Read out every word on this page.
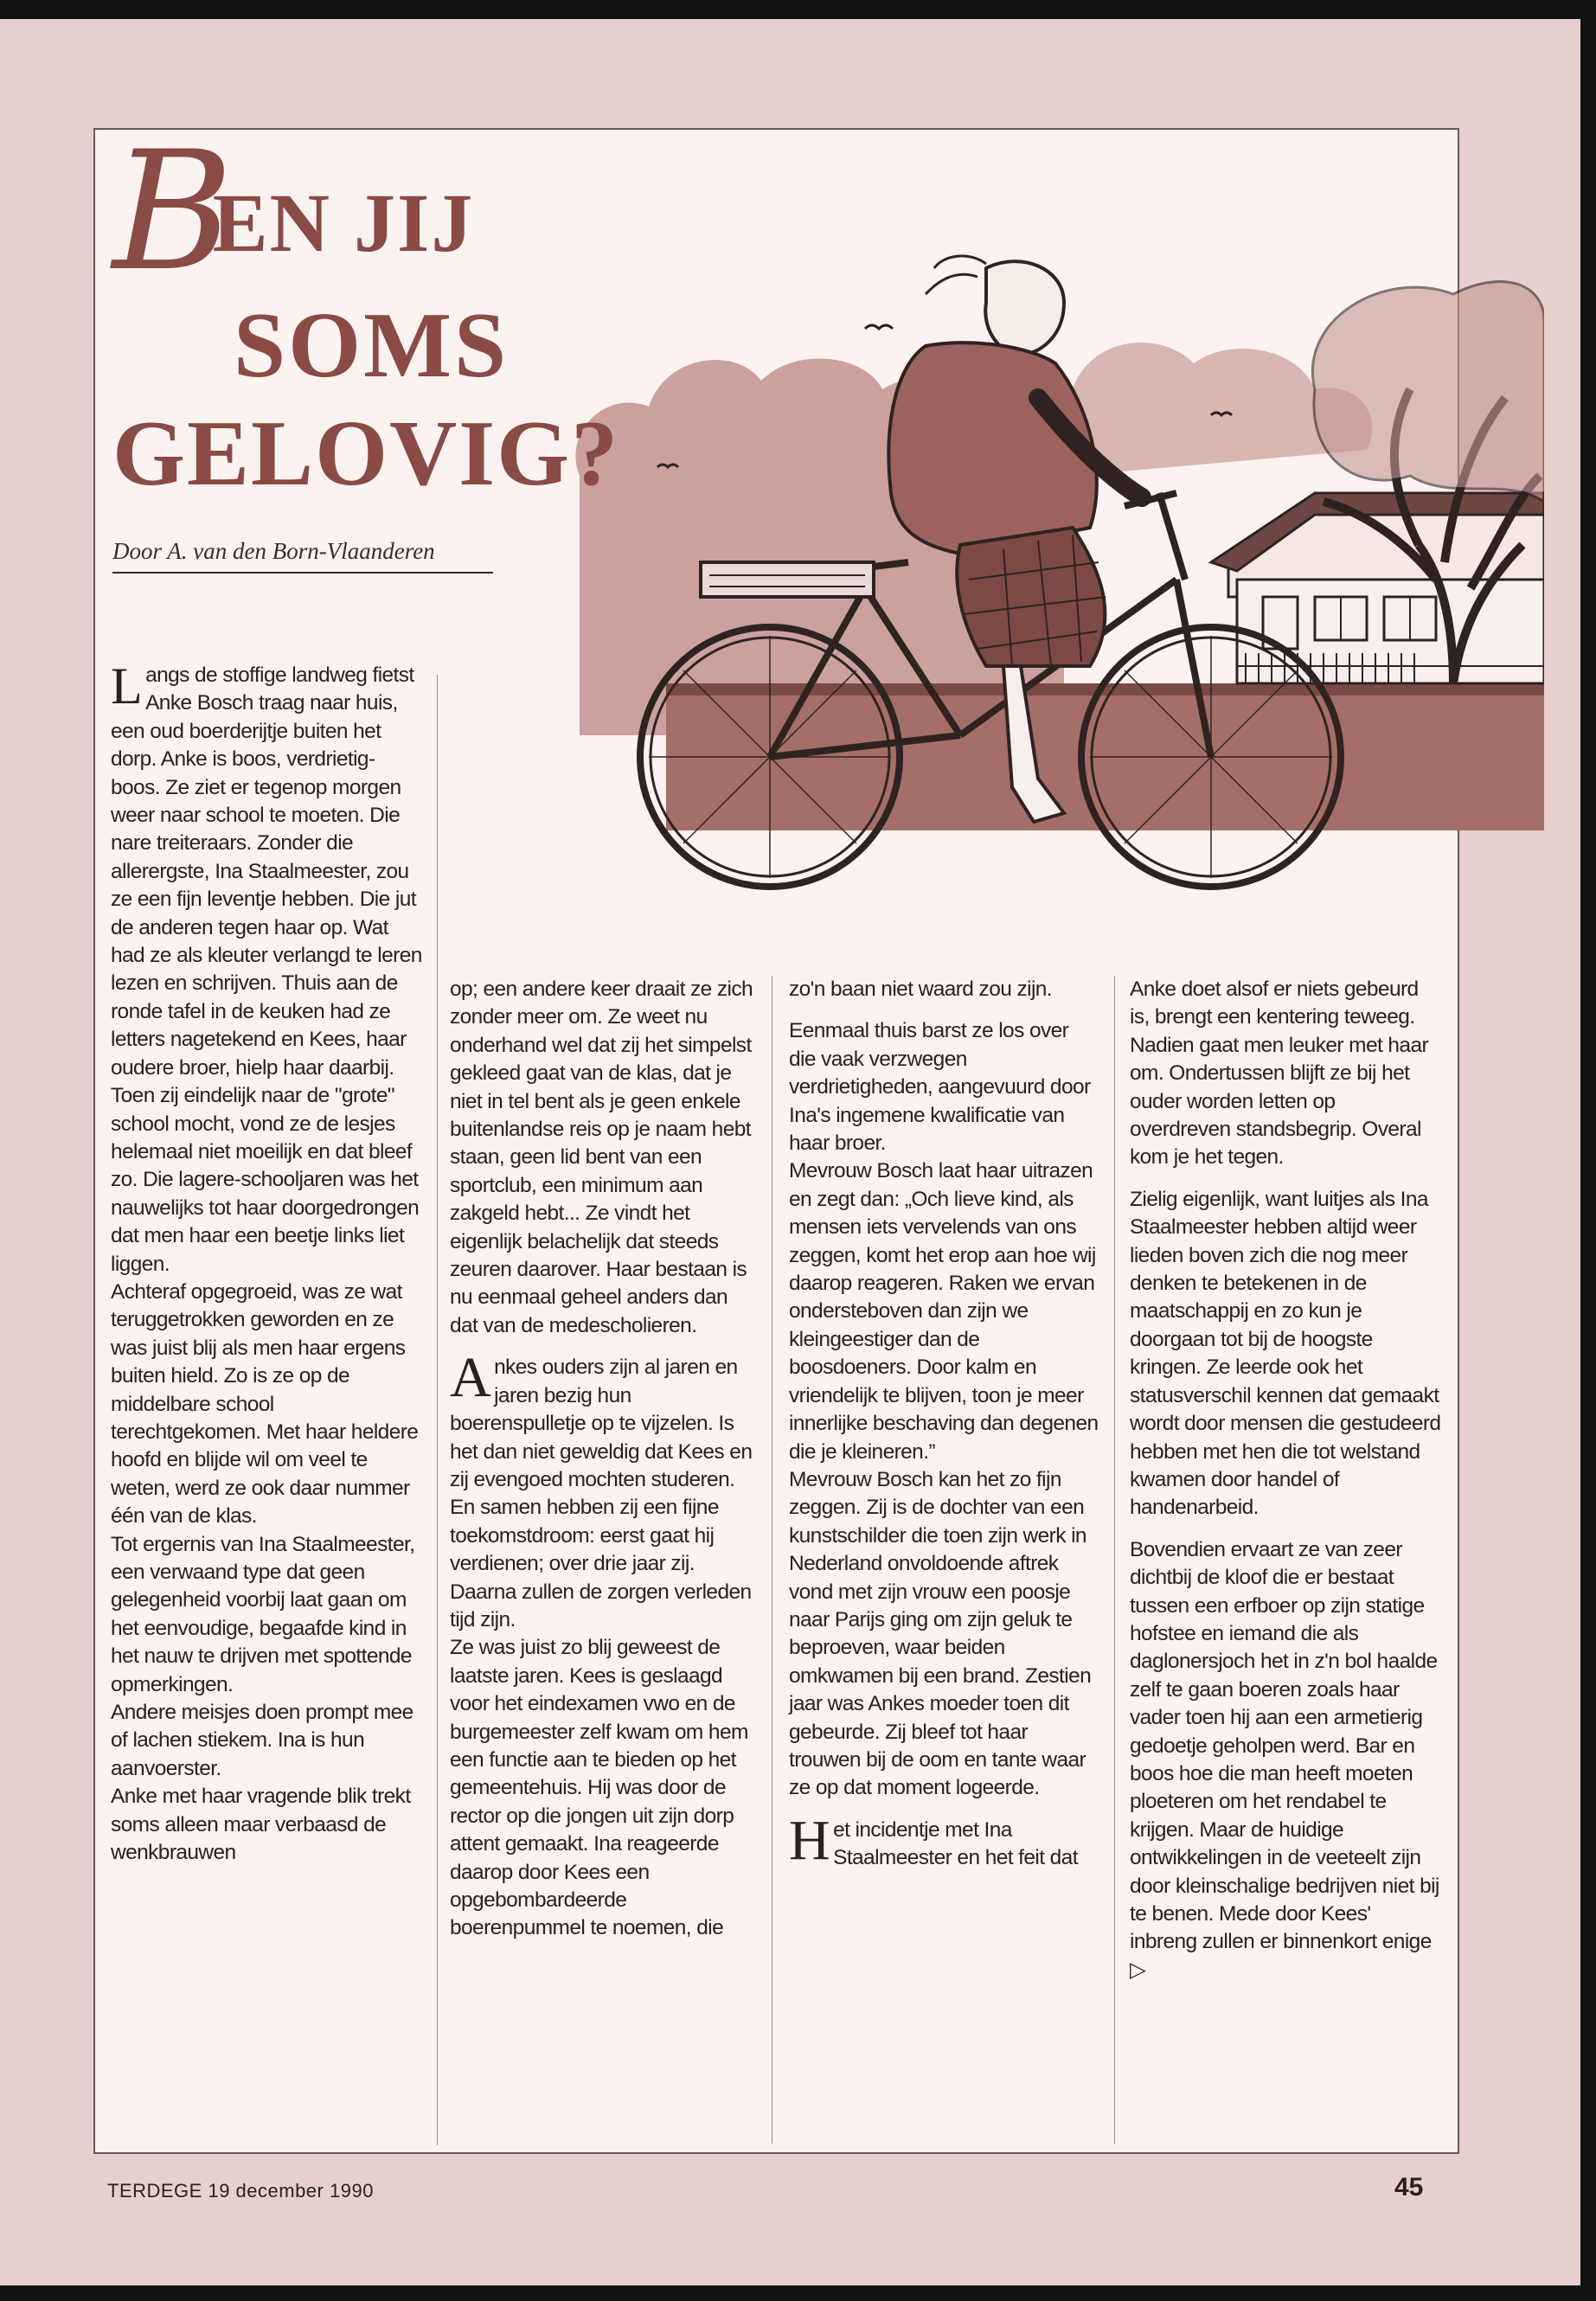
BEN JIJ
SOMS
GELOVIG?
Door A. van den Born-Vlaanderen

Langs de stoffige landweg fietst Anke Bosch traag naar huis, een oud boerderijtje buiten het dorp. Anke is boos, verdrietig-boos. Ze ziet er tegenop morgen weer naar school te moeten. Die nare treiteraars. Zonder die allerergste, Ina Staalmeester, zou ze een fijn leventje hebben. Die jut de anderen tegen haar op. Wat had ze als kleuter verlangd te leren lezen en schrijven. Thuis aan de ronde tafel in de keuken had ze letters nagetekend en Kees, haar oudere broer, hielp haar daarbij. Toen zij eindelijk naar de "grote" school mocht, vond ze de lesjes helemaal niet moeilijk en dat bleef zo. Die lagere-schooljaren was het nauwelijks tot haar doorgedrongen dat men haar een beetje links liet liggen.

Achteraf opgegroeid, was ze wat teruggetrokken geworden en ze was juist blij als men haar ergens buiten hield. Zo is ze op de middelbare school terechtgekomen. Met haar heldere hoofd en blijde wil om veel te weten, werd ze ook daar nummer één van de klas.

Tot ergernis van Ina Staalmeester, een verwaand type dat geen gelegenheid voorbij laat gaan om het eenvoudige, begaafde kind in het nauw te drijven met spottende opmerkingen.

Andere meisjes doen prompt mee of lachen stiekem. Ina is hun aanvoerster.

Anke met haar vragende blik trekt soms alleen maar verbaasd de wenkbrauwen

op; een andere keer draait ze zich zonder meer om. Ze weet nu onderhand wel dat zij het simpelst gekleed gaat van de klas, dat je niet in tel bent als je geen enkele buitenlandse reis op je naam hebt staan, geen lid bent van een sportclub, een minimum aan zakgeld hebt... Ze vindt het eigenlijk belachelijk dat steeds zeuren daarover. Haar bestaan is nu eenmaal geheel anders dan dat van de medescholieren.

Ankes ouders zijn al jaren en jaren bezig hun boerenspulletje op te vijzelen. Is het dan niet geweldig dat Kees en zij evengoed mochten studeren. En samen hebben zij een fijne toekomstdroom: eerst gaat hij verdienen; over drie jaar zij. Daarna zullen de zorgen verleden tijd zijn.

Ze was juist zo blij geweest de laatste jaren. Kees is geslaagd voor het eindexamen vwo en de burgemeester zelf kwam om hem een functie aan te bieden op het gemeentehuis. Hij was door de rector op die jongen uit zijn dorp attent gemaakt. Ina reageerde daarop door Kees een opgebombardeerde boerenpummel te noemen, die

zo'n baan niet waard zou zijn.

Eenmaal thuis barst ze los over die vaak verzwegen verdrietigheden, aangevuurd door Ina's ingemene kwalificatie van haar broer.

Mevrouw Bosch laat haar uitrazen en zegt dan: „Och lieve kind, als mensen iets vervelends van ons zeggen, komt het erop aan hoe wij daarop reageren. Raken we ervan ondersteboven dan zijn we kleingeestiger dan de boosdoeners. Door kalm en vriendelijk te blijven, toon je meer innerlijke beschaving dan degenen die je kleineren.”

Mevrouw Bosch kan het zo fijn zeggen. Zij is de dochter van een kunstschilder die toen zijn werk in Nederland onvoldoende aftrek vond met zijn vrouw een poosje naar Parijs ging om zijn geluk te beproeven, waar beiden omkwamen bij een brand. Zestien jaar was Ankes moeder toen dit gebeurde. Zij bleef tot haar trouwen bij de oom en tante waar ze op dat moment logeerde.

Het incidentje met Ina Staalmeester en het feit dat

Anke doet alsof er niets gebeurd is, brengt een kentering teweeg. Nadien gaat men leuker met haar om. Ondertussen blijft ze bij het ouder worden letten op overdreven standsbegrip. Overal kom je het tegen.

Zielig eigenlijk, want luitjes als Ina Staalmeester hebben altijd weer lieden boven zich die nog meer denken te betekenen in de maatschappij en zo kun je doorgaan tot bij de hoogste kringen. Ze leerde ook het statusverschil kennen dat gemaakt wordt door mensen die gestudeerd hebben met hen die tot welstand kwamen door handel of handenarbeid.

Bovendien ervaart ze van zeer dichtbij de kloof die er bestaat tussen een erfboer op zijn statige hofstee en iemand die als daglonersjoch het in z'n bol haalde zelf te gaan boeren zoals haar vader toen hij aan een armetierig gedoetje geholpen werd. Bar en boos hoe die man heeft moeten ploeteren om het rendabel te krijgen. Maar de huidige ontwikkelingen in de veeteelt zijn door kleinschalige bedrijven niet bij te benen. Mede door Kees' inbreng zullen er binnenkort enige ▷

TERDEGE 19 december 1990	45
